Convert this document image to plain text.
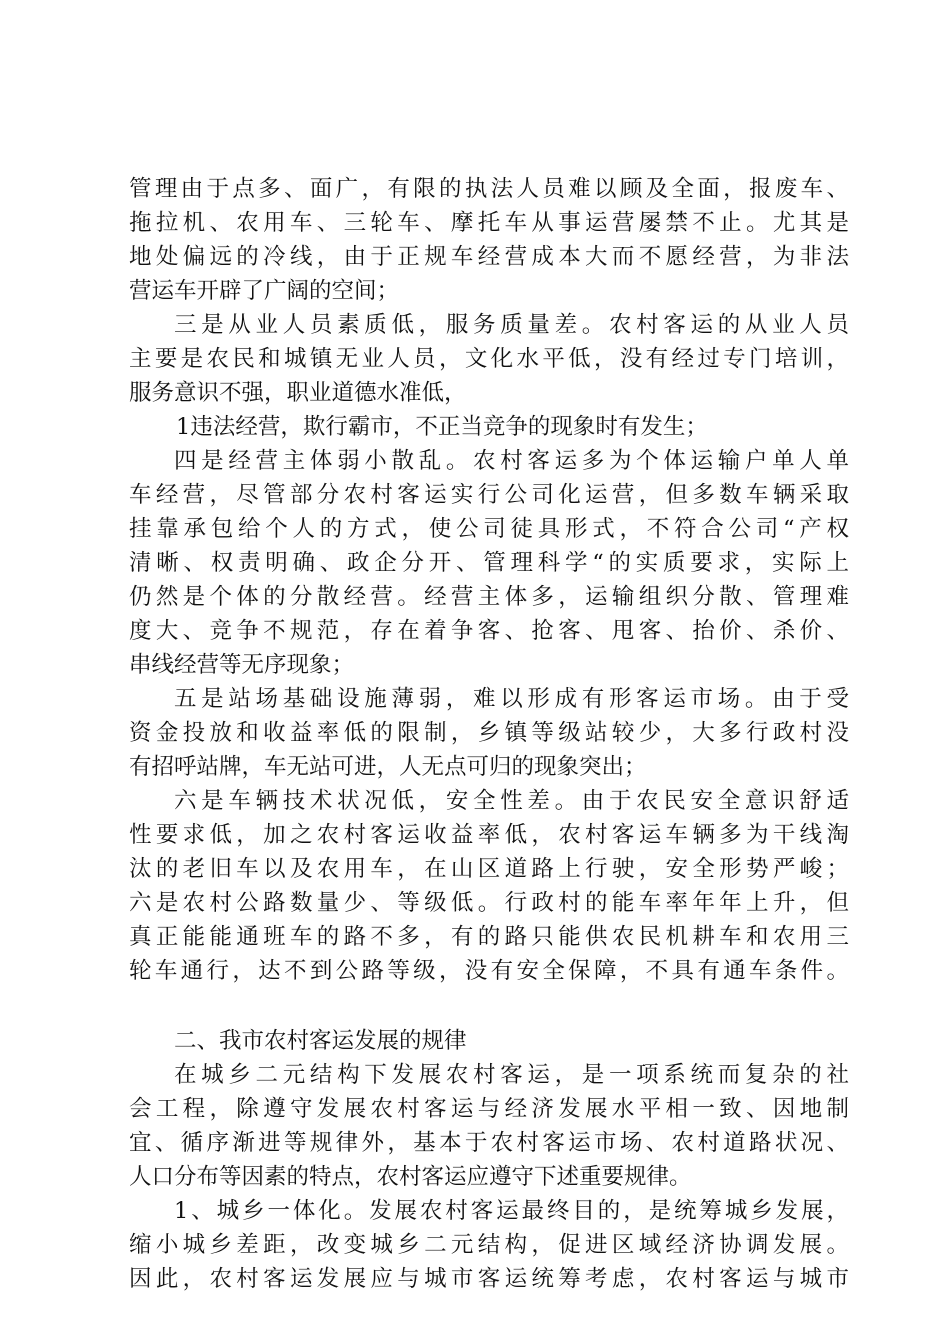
管理由于点多、面广，有限的执法人员难以顾及全面，报废车、
拖拉机、农用车、三轮车、摩托车从事运营屡禁不止。尤其是
地处偏远的冷线，由于正规车经营成本大而不愿经营，为非法
营运车开辟了广阔的空间；
三是从业人员素质低，服务质量差。农村客运的从业人员
主要是农民和城镇无业人员，文化水平低，没有经过专门培训，
服务意识不强，职业道德水准低，
1违法经营，欺行霸市，不正当竞争的现象时有发生；
四是经营主体弱小散乱。农村客运多为个体运输户单人单
车经营，尽管部分农村客运实行公司化运营，但多数车辆采取
挂靠承包给个人的方式，使公司徒具形式，不符合公司“产权
清晰、权责明确、政企分开、管理科学“的实质要求，实际上
仍然是个体的分散经营。经营主体多，运输组织分散、管理难
度大、竞争不规范，存在着争客、抢客、甩客、抬价、杀价、
串线经营等无序现象；
五是站场基础设施薄弱，难以形成有形客运市场。由于受
资金投放和收益率低的限制，乡镇等级站较少，大多行政村没
有招呼站牌，车无站可进，人无点可归的现象突出；
六是车辆技术状况低，安全性差。由于农民安全意识舒适
性要求低，加之农村客运收益率低，农村客运车辆多为干线淘
汰的老旧车以及农用车，在山区道路上行驶，安全形势严峻；
六是农村公路数量少、等级低。行政村的能车率年年上升，但
真正能能通班车的路不多，有的路只能供农民机耕车和农用三
轮车通行，达不到公路等级，没有安全保障，不具有通车条件。
二、我市农村客运发展的规律
在城乡二元结构下发展农村客运，是一项系统而复杂的社
会工程，除遵守发展农村客运与经济发展水平相一致、因地制
宜、循序渐进等规律外，基本于农村客运市场、农村道路状况、
人口分布等因素的特点，农村客运应遵守下述重要规律。
1、城乡一体化。发展农村客运最终目的，是统筹城乡发展，
缩小城乡差距，改变城乡二元结构，促进区域经济协调发展。
因此，农村客运发展应与城市客运统筹考虑，农村客运与城市
